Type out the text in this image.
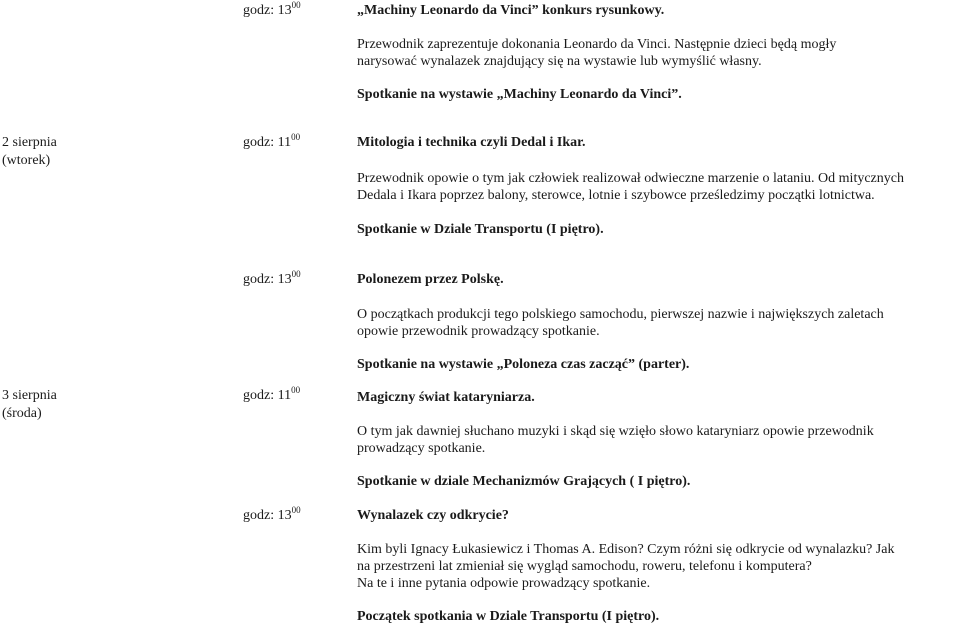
godz: $13^{00}$	„Machiny Leonardo da Vinci” konkurs rysunkowy.
Przewodnik zaprezentuje dokonania Leonardo da Vinci. Następnie dzieci będą mogły
narysować wynalazek znajdujący się na wystawie lub wymyślić własny.
Spotkanie na wystawie „Machiny Leonardo da Vinci”.
2 sierpnia
(wtorek)
godz: $11^{00}$	Mitologia i technika czyli Dedal i Ikar.
Przewodnik opowie o tym jak człowiek realizował odwieczne marzenie o lataniu. Od mitycznych
Dedala i Ikara poprzez balony, sterowce, lotnie i szybowce prześledzimy początki lotnictwa.
Spotkanie w Dziale Transportu (I piętro).
godz: $13^{00}$	Polonezem przez Polskę.
O początkach produkcji tego polskiego samochodu, pierwszej nazwie i największych zaletach
opowie przewodnik prowadzący spotkanie.
Spotkanie na wystawie „Poloneza czas zacząć” (parter).
3 sierpnia
(środa)
godz: $11^{00}$	Magiczny świat kataryniarza.
O tym jak dawniej słuchano muzyki i skąd się wzięło słowo kataryniarz opowie przewodnik
prowadzący spotkanie.
Spotkanie w dziale Mechanizmów Grających ( I piętro).
godz: $13^{00}$	Wynalazek czy odkrycie?
Kim byli Ignacy Łukasiewicz i Thomas A. Edison? Czym różni się odkrycie od wynalazku? Jak
na przestrzeni lat zmieniał się wygląd samochodu, roweru, telefonu i komputera?
Na te i inne pytania odpowie prowadzący spotkanie.
Początek spotkania w Dziale Transportu (I piętro).
